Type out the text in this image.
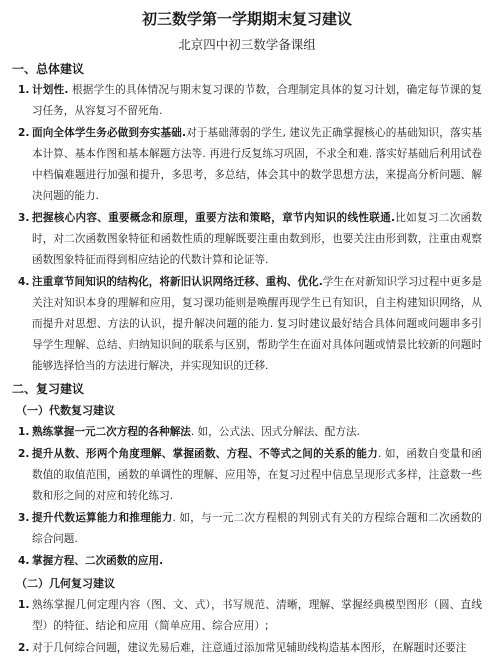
初三数学第一学期期末复习建议
北京四中初三数学备课组
一、总体建议
1. 计划性. 根据学生的具体情况与期末复习课的节数，合理制定具体的复习计划，确定每节课的复习任务，从容复习不留死角.
2. 面向全体学生务必做到夯实基础.对于基础薄弱的学生, 建议先正确掌握核心的基础知识，落实基本计算、基本作图和基本解题方法等. 再进行反复练习巩固，不求全和难. 落实好基础后利用试卷中档偏难题进行加强和提升，多思考，多总结，体会其中的数学思想方法，来提高分析问题、解决问题的能力.
3. 把握核心内容、重要概念和原理，重要方法和策略，章节内知识的线性联通.比如复习二次函数时，对二次函数图象特征和函数性质的理解既要注重由数到形，也要关注由形到数，注重由观察函数图象特征而得到相应结论的代数计算和论证等.
4. 注重章节间知识的结构化，将新旧认识网络迁移、重构、优化.学生在对新知识学习过程中更多是关注对知识本身的理解和应用，复习课功能则是唤醒再现学生已有知识，自主构建知识网络，从而提升对思想、方法的认识，提升解决问题的能力. 复习时建议最好结合具体问题或问题串多引导学生理解、总结、归纳知识间的联系与区别，帮助学生在面对具体问题或情景比较新的问题时能够选择恰当的方法进行解决，并实现知识的迁移.
二、复习建议
（一）代数复习建议
1. 熟练掌握一元二次方程的各种解法. 如，公式法、因式分解法、配方法.
2. 提升从数、形两个角度理解、掌握函数、方程、不等式之间的关系的能力. 如，函数自变量和函数值的取值范围，函数的单调性的理解、应用等，在复习过程中信息呈现形式多样，注意数一些数和形之间的对应和转化练习.
3. 提升代数运算能力和推理能力. 如，与一元二次方程根的判别式有关的方程综合题和二次函数的综合问题.
4. 掌握方程、二次函数的应用.
（二）几何复习建议
1. 熟练掌握几何定理内容（图、文、式），书写规范、清晰，理解、掌握经典模型图形（圆、直线型）的特征、结论和应用（简单应用、综合应用）;
2. 对于几何综合问题，建议先易后难，注意通过添加常见辅助线构造基本图形，在解题时还要注
